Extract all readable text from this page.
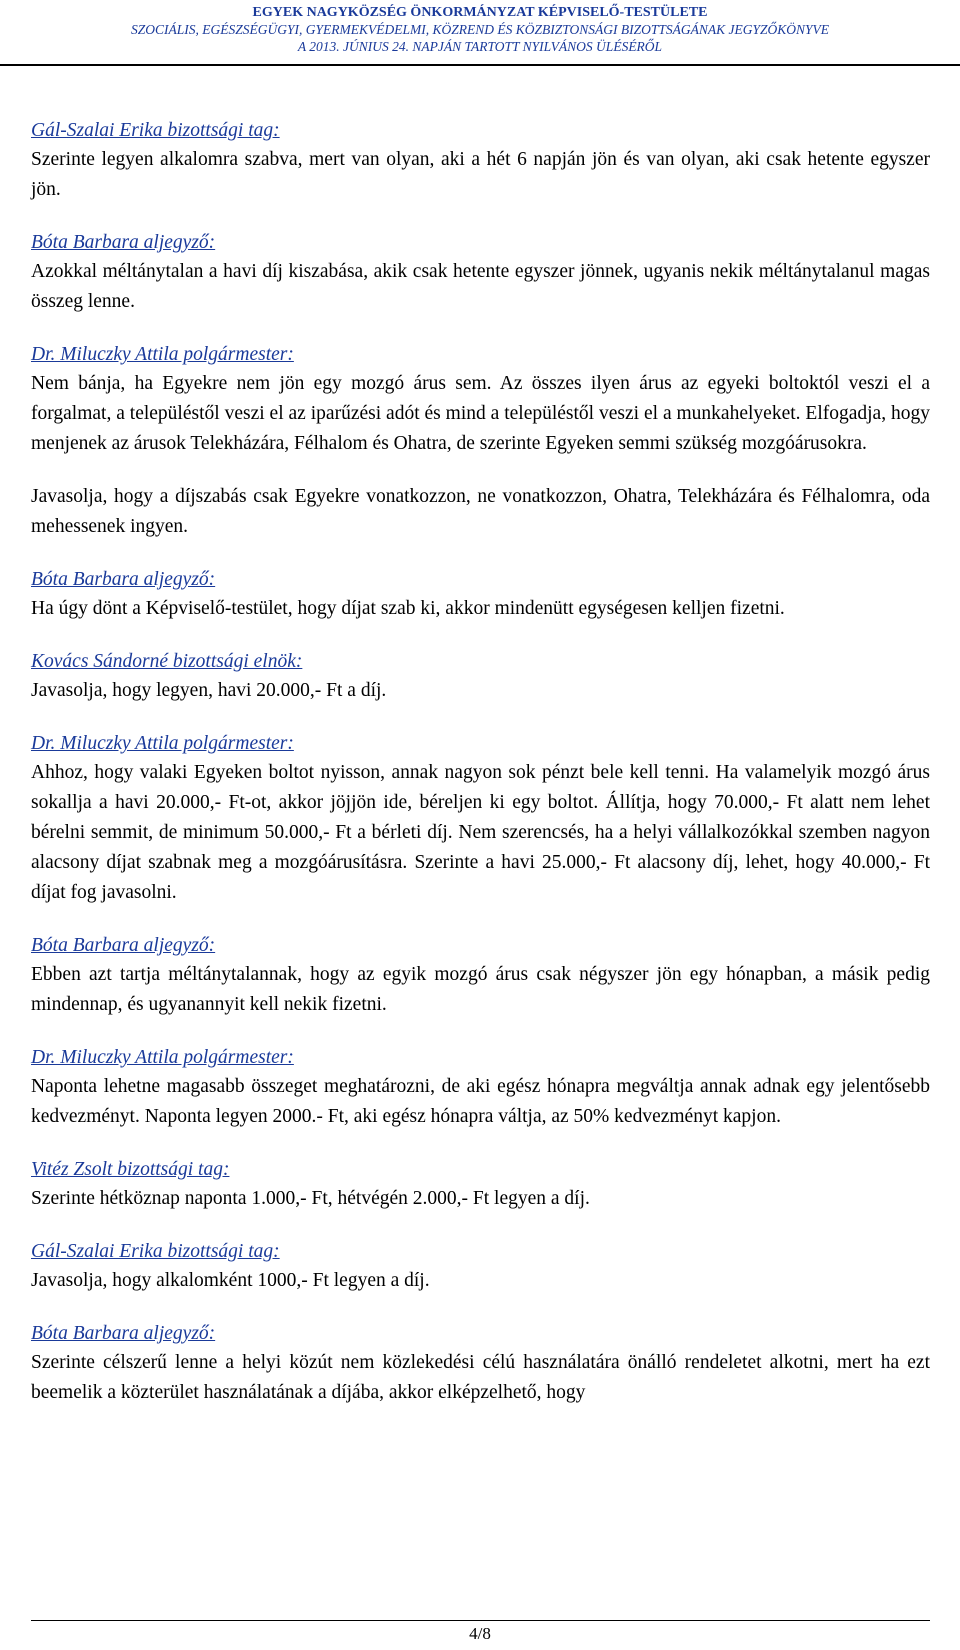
EGYEK NAGYKÖZSÉG ÖNKORMÁNYZAT KÉPVISELŐ-TESTÜLETE
SZOCIÁLIS, EGÉSZSÉGÜGYI, GYERMEKVÉDELMI, KÖZREND ÉS KÖZBIZTONSÁGI BIZOTTSÁGÁNAK JEGYZŐKÖNYVE
A 2013. JÚNIUS 24. NAPJÁN TARTOTT NYILVÁNOS ÜLÉSÉRŐL
Gál-Szalai Erika bizottsági tag:

Szerinte legyen alkalomra szabva, mert van olyan, aki a hét 6 napján jön és van olyan, aki csak hetente egyszer jön.

Bóta Barbara aljegyző:

Azokkal méltánytalan a havi díj kiszabása, akik csak hetente egyszer jönnek, ugyanis nekik méltánytalanul magas összeg lenne.

Dr. Miluczky Attila polgármester:

Nem bánja, ha Egyekre nem jön egy mozgó árus sem. Az összes ilyen árus az egyeki boltoktól veszi el a forgalmat, a településtől veszi el az iparűzési adót és mind a településtől veszi el a munkahelyeket. Elfogadja, hogy menjenek az árusok Telekházára, Félhalom és Ohatra, de szerinte Egyeken semmi szükség mozgóárusokra.

Javasolja, hogy a díjszabás csak Egyekre vonatkozzon, ne vonatkozzon, Ohatra, Telekházára és Félhalomra, oda mehessenek ingyen.

Bóta Barbara aljegyző:

Ha úgy dönt a Képviselő-testület, hogy díjat szab ki, akkor mindenütt egységesen kelljen fizetni.

Kovács Sándorné bizottsági elnök:

Javasolja, hogy legyen, havi 20.000,- Ft a díj.

Dr. Miluczky Attila polgármester:

Ahhoz, hogy valaki Egyeken boltot nyisson, annak nagyon sok pénzt bele kell tenni. Ha valamelyik mozgó árus sokallja a havi 20.000,- Ft-ot, akkor jöjjön ide, béreljen ki egy boltot. Állítja, hogy 70.000,- Ft alatt nem lehet bérelni semmit, de minimum 50.000,- Ft a bérleti díj. Nem szerencsés, ha a helyi vállalkozókkal szemben nagyon alacsony díjat szabnak meg a mozgóárusításra. Szerinte a havi 25.000,- Ft alacsony díj, lehet, hogy 40.000,- Ft díjat fog javasolni.

Bóta Barbara aljegyző:

Ebben azt tartja méltánytalannak, hogy az egyik mozgó árus csak négyszer jön egy hónapban, a másik pedig mindennap, és ugyanannyit kell nekik fizetni.

Dr. Miluczky Attila polgármester:

Naponta lehetne magasabb összeget meghatározni, de aki egész hónapra megváltja annak adnak egy jelentősebb kedvezményt. Naponta legyen 2000.- Ft, aki egész hónapra váltja, az 50% kedvezményt kapjon.

Vitéz Zsolt bizottsági tag:

Szerinte hétköznap naponta 1.000,- Ft, hétvégén 2.000,- Ft legyen a díj.

Gál-Szalai Erika bizottsági tag:

Javasolja, hogy alkalomként 1000,- Ft legyen a díj.

Bóta Barbara aljegyző:

Szerinte célszerű lenne a helyi közút nem közlekedési célú használatára önálló rendeletet alkotni, mert ha ezt beemelik a közterület használatának a díjába, akkor elképzelhető, hogy

4/8
